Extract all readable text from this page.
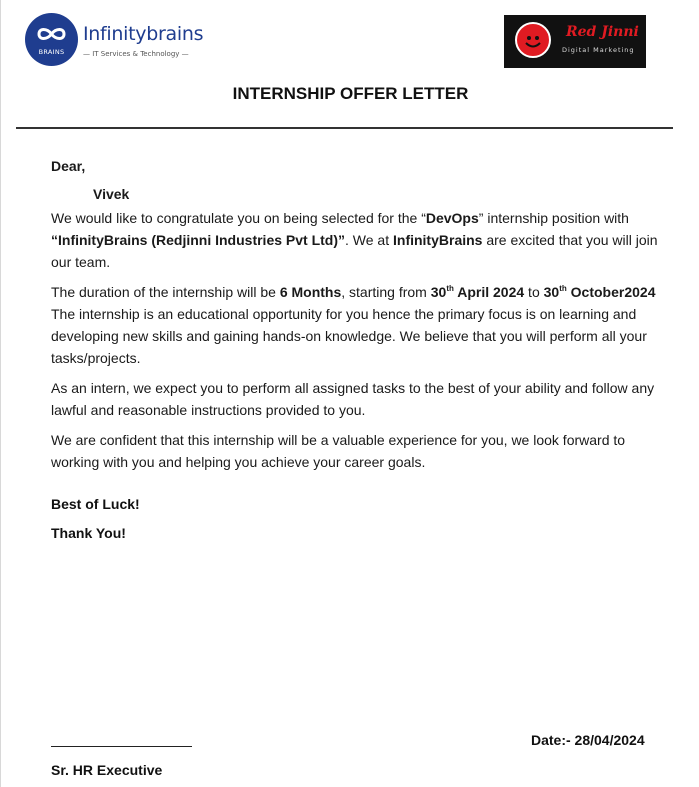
BRAINS
Infinitybrains
— IT Services & Technology —
Red Jinni
Digital Marketing
INTERNSHIP OFFER LETTER
Dear,
Vivek
We would like to congratulate you on being selected for the “DevOps” internship position with “InfinityBrains (Redjinni Industries Pvt Ltd)”. We at InfinityBrains are excited that you will join our team.
The duration of the internship will be 6 Months, starting from 30th April 2024 to 30th October2024 The internship is an educational opportunity for you hence the primary focus is on learning and developing new skills and gaining hands-on knowledge. We believe that you will perform all your tasks/projects.
As an intern, we expect you to perform all assigned tasks to the best of your ability and follow any lawful and reasonable instructions provided to you.
We are confident that this internship will be a valuable experience for you, we look forward to working with you and helping you achieve your career goals.
Best of Luck!
Thank You!
Date:- 28/04/2024
Sr. HR Executive
